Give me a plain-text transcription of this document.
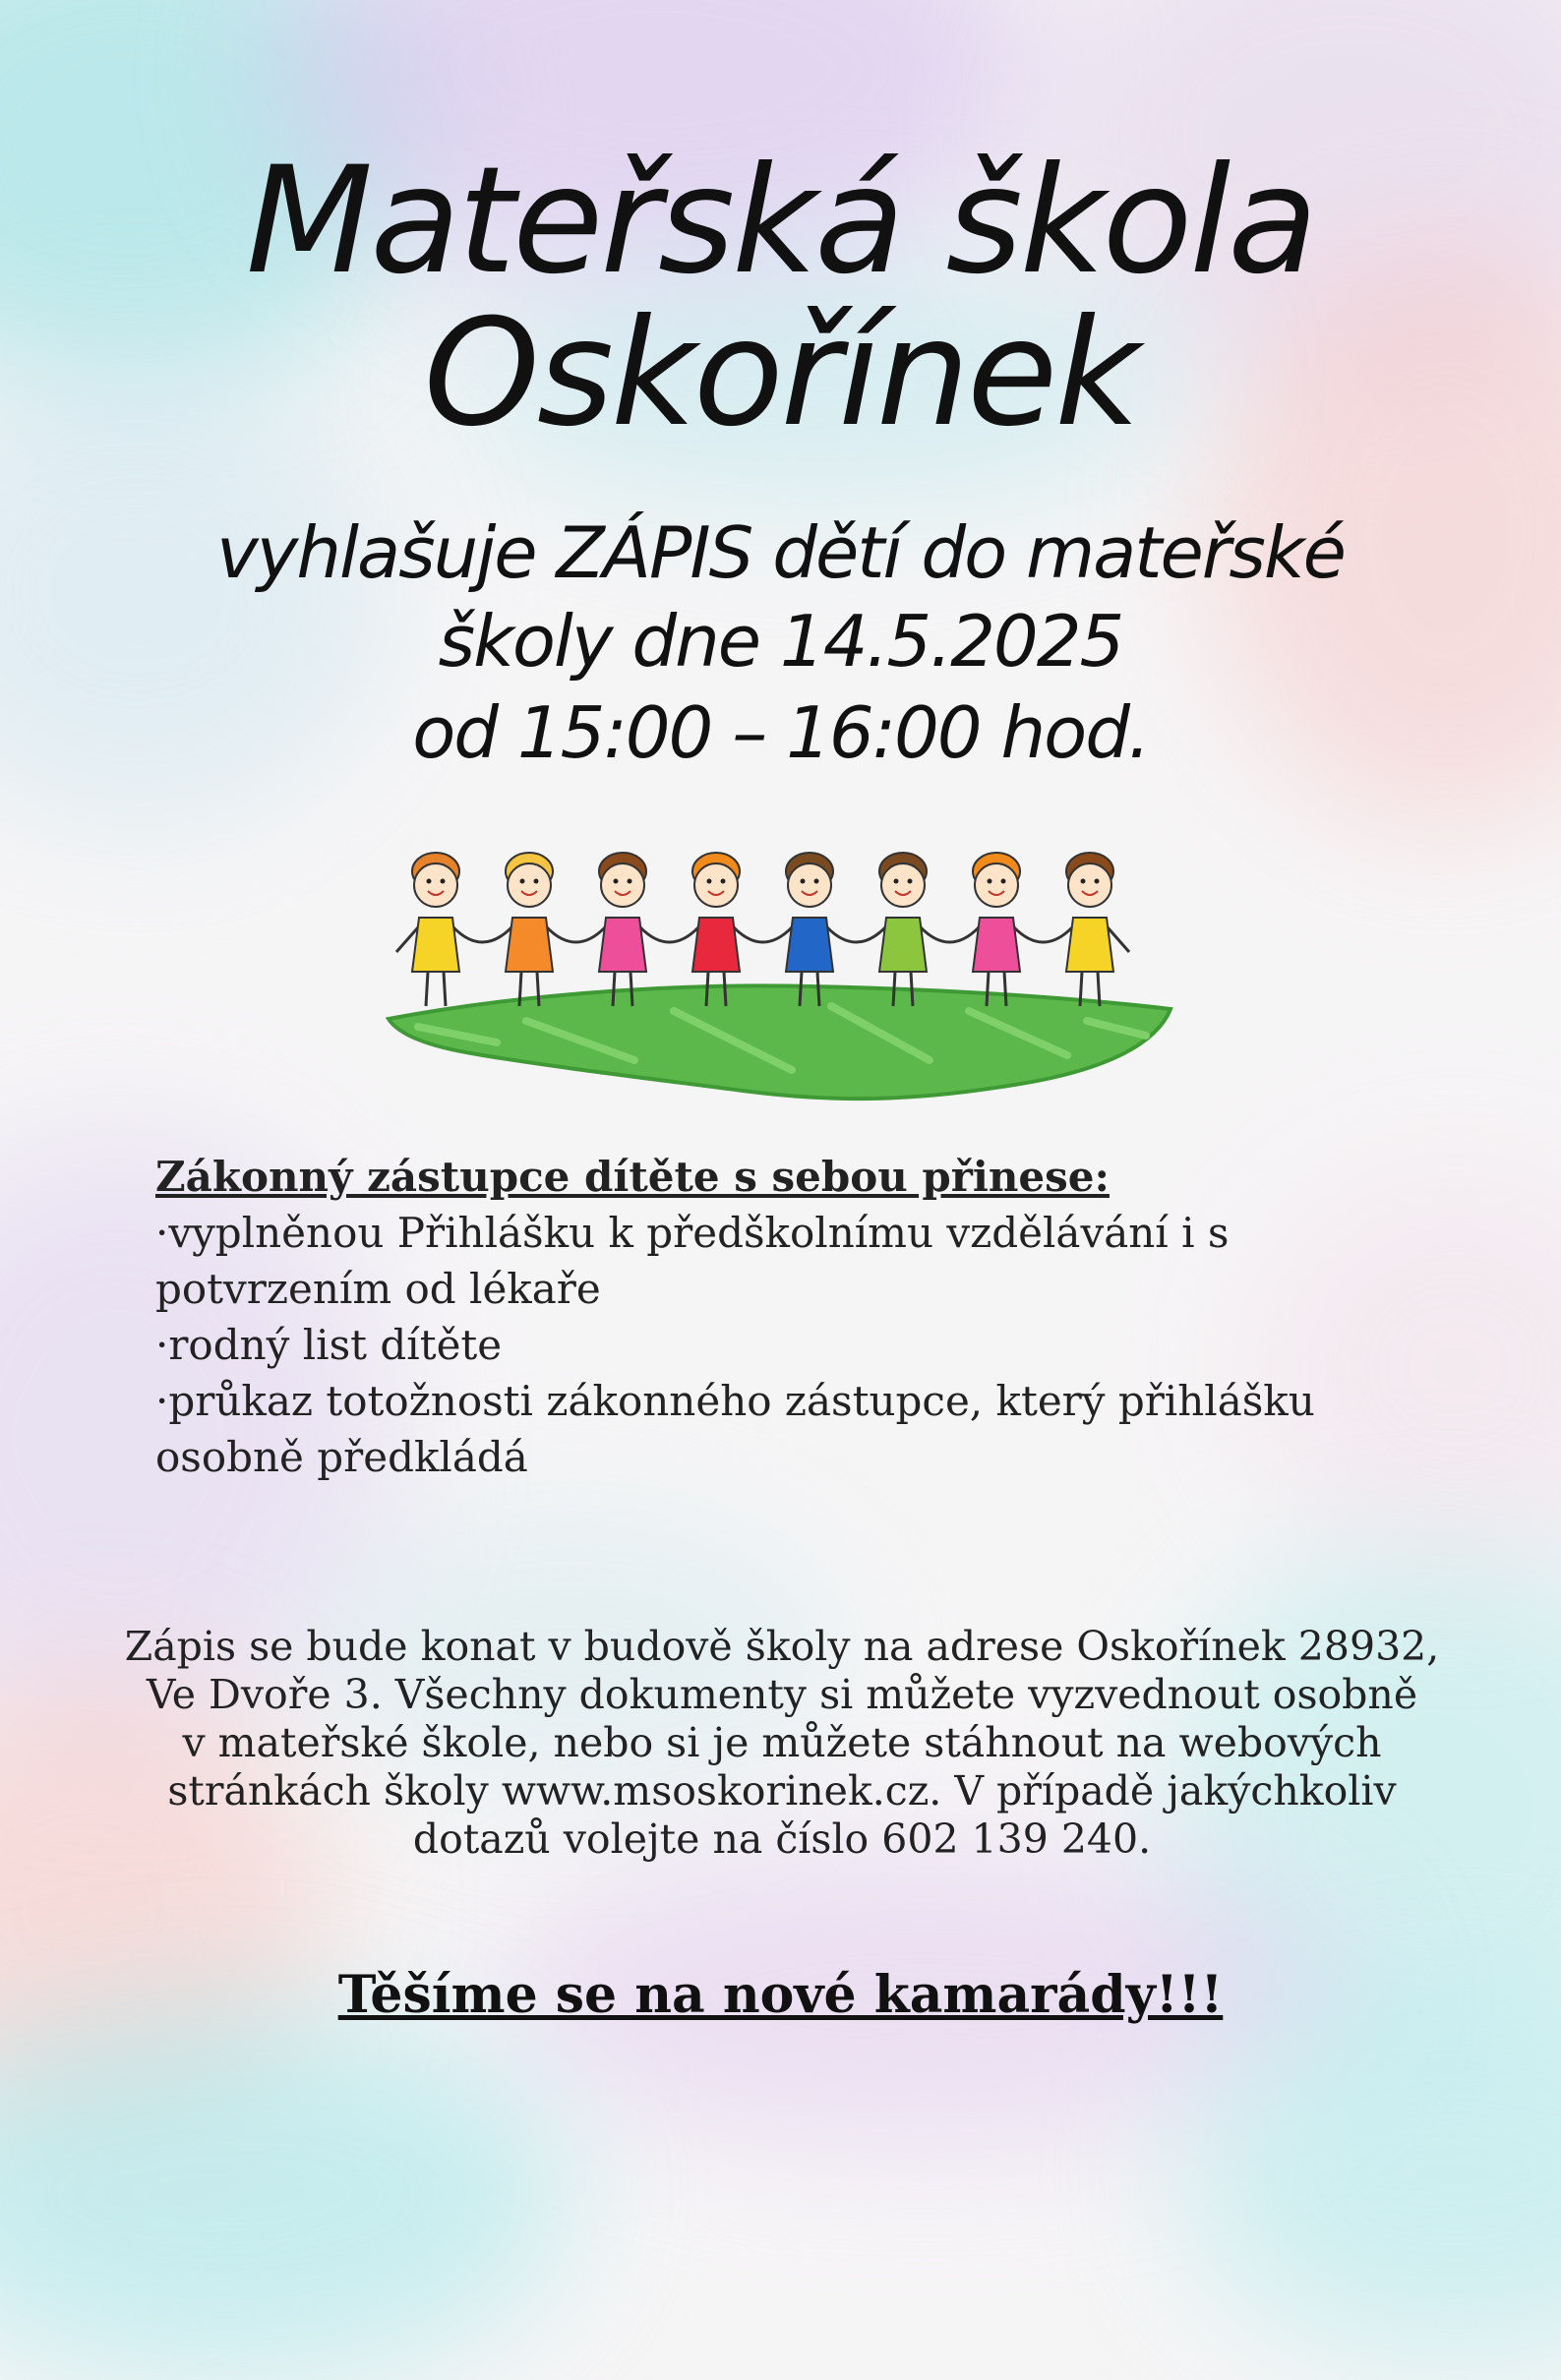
Mateřská škola
Oskořínek
vyhlašuje ZÁPIS dětí do mateřské
školy dne 14.5.2025
od 15:00 – 16:00 hod.
Zákonný zástupce dítěte s sebou přinese:
·vyplněnou Přihlášku k předškolnímu vzdělávání i s
potvrzením od lékaře
·rodný list dítěte
·průkaz totožnosti zákonného zástupce, který přihlášku
osobně předkládá
Zápis se bude konat v budově školy na adrese Oskořínek 28932,
Ve Dvoře 3. Všechny dokumenty si můžete vyzvednout osobně
v mateřské škole, nebo si je můžete stáhnout na webových
stránkách školy www.msoskorinek.cz. V případě jakýchkoliv
dotazů volejte na číslo 602 139 240.
Těšíme se na nové kamarády!!!
